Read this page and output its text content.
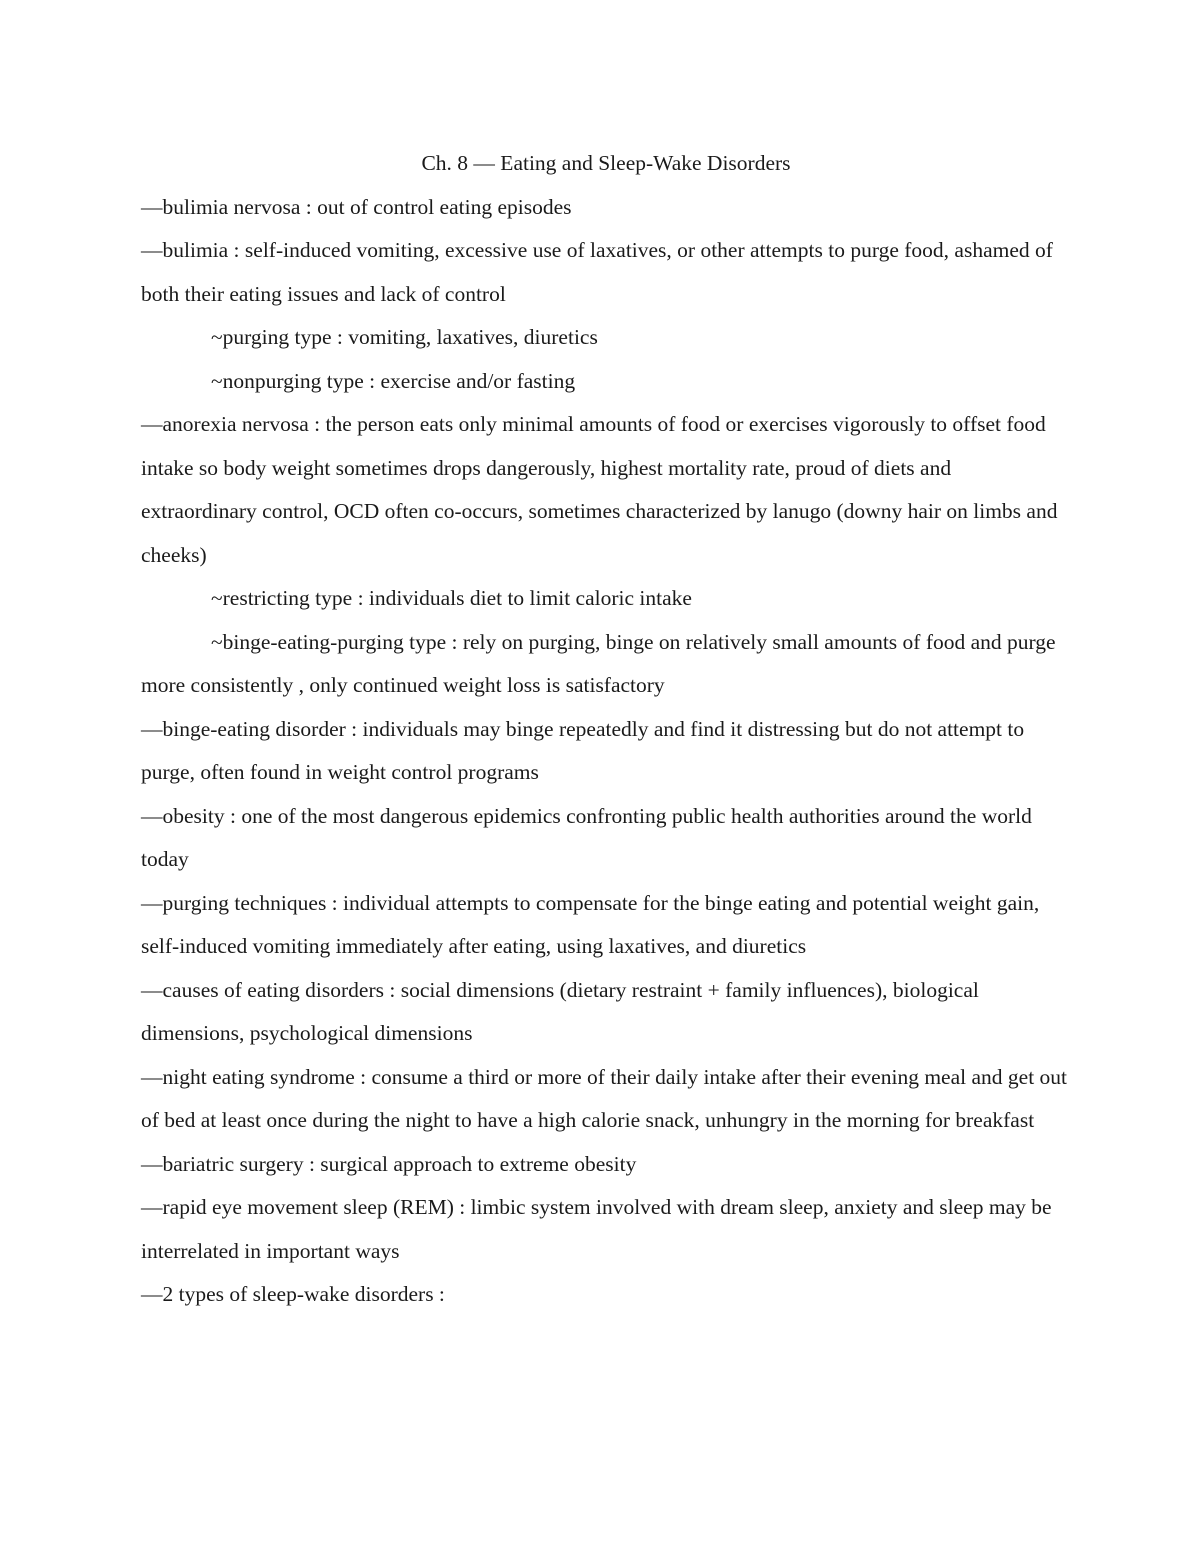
Ch. 8 — Eating and Sleep-Wake Disorders

—bulimia nervosa : out of control eating episodes

—bulimia : self-induced vomiting, excessive use of laxatives, or other attempts to purge food, ashamed of both their eating issues and lack of control

~purging type : vomiting, laxatives, diuretics

~nonpurging type : exercise and/or fasting

—anorexia nervosa : the person eats only minimal amounts of food or exercises vigorously to offset food intake so body weight sometimes drops dangerously, highest mortality rate, proud of diets and extraordinary control, OCD often co-occurs, sometimes characterized by lanugo (downy hair on limbs and cheeks)

~restricting type : individuals diet to limit caloric intake

~binge-eating-purging type : rely on purging, binge on relatively small amounts of food and purge more consistently , only continued weight loss is satisfactory

—binge-eating disorder : individuals may binge repeatedly and find it distressing but do not attempt to purge, often found in weight control programs

—obesity : one of the most dangerous epidemics confronting public health authorities around the world today

—purging techniques : individual attempts to compensate for the binge eating and potential weight gain, self-induced vomiting immediately after eating, using laxatives, and diuretics

—causes of eating disorders : social dimensions (dietary restraint + family influences), biological dimensions, psychological dimensions

—night eating syndrome : consume a third or more of their daily intake after their evening meal and get out of bed at least once during the night to have a high calorie snack, unhungry in the morning for breakfast

—bariatric surgery : surgical approach to extreme obesity

—rapid eye movement sleep (REM) : limbic system involved with dream sleep, anxiety and sleep may be interrelated in important ways

—2 types of sleep-wake disorders :
